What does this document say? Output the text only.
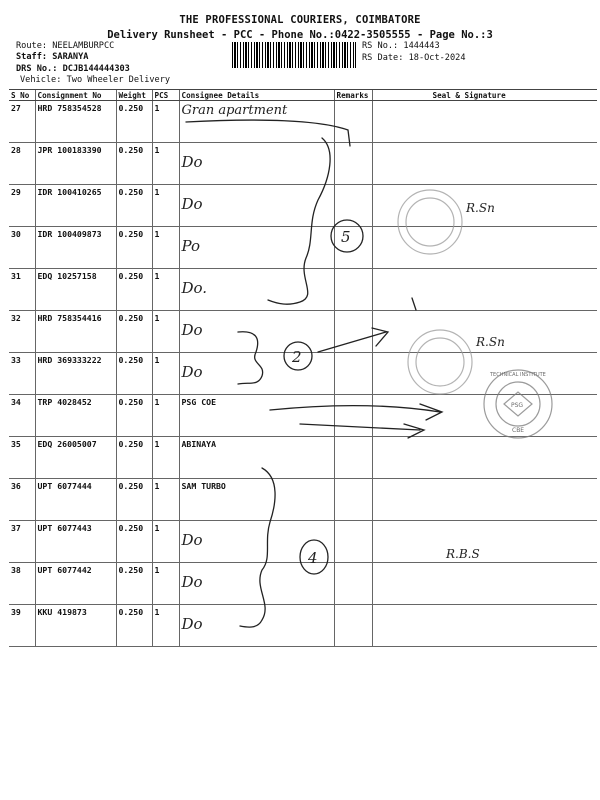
THE PROFESSIONAL COURIERS, COIMBATORE
Delivery Runsheet - PCC - Phone No.:0422-3505555 - Page No.:3
Route: NEELAMBURPCC
Staff: SARANYA
DRS No.: DCJB144444303
Vehicle: Two Wheeler Delivery
RS No.: 1444443
RS Date: 18-Oct-2024
S No	Consignment No	Weight	PCS	Consignee Details	Remarks	Seal & Signature
27	HRD 758354528	0.250	1	Gran apartment		
28	JPR 100183390	0.250	1	Do		
29	IDR 100410265	0.250	1	Do		
30	IDR 100409873	0.250	1	Po		
31	EDQ 10257158	0.250	1	Do.		
32	HRD 758354416	0.250	1	Do		
33	HRD 369333222	0.250	1	Do		
34	TRP 4028452	0.250	1	PSG COE		
35	EDQ 26005007	0.250	1	ABINAYA		
36	UPT 6077444	0.250	1	SAM TURBO		
37	UPT 6077443	0.250	1	Do		
38	UPT 6077442	0.250	1	Do		
39	KKU 419873	0.250	1	Do		
5
2
4
R.Sn
R.Sn
R.B.S
PSG
CBE
TECHNICAL INSTITUTE
